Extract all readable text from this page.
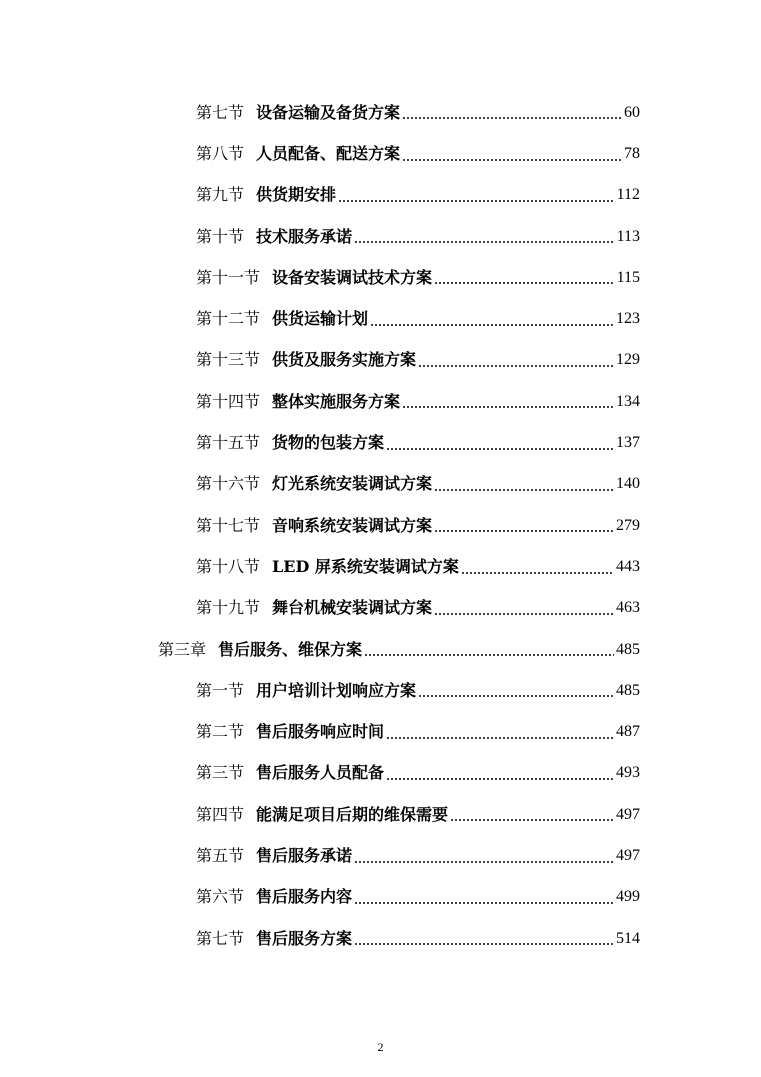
第七节 设备运输及备货方案	60
第八节 人员配备、配送方案	78
第九节 供货期安排	112
第十节 技术服务承诺	113
第十一节 设备安装调试技术方案	115
第十二节 供货运输计划	123
第十三节 供货及服务实施方案	129
第十四节 整体实施服务方案	134
第十五节 货物的包装方案	137
第十六节 灯光系统安装调试方案	140
第十七节 音响系统安装调试方案	279
第十八节 LED 屏系统安装调试方案	443
第十九节 舞台机械安装调试方案	463
第三章 售后服务、维保方案	485
第一节 用户培训计划响应方案	485
第二节 售后服务响应时间	487
第三节 售后服务人员配备	493
第四节 能满足项目后期的维保需要	497
第五节 售后服务承诺	497
第六节 售后服务内容	499
第七节 售后服务方案	514
2
